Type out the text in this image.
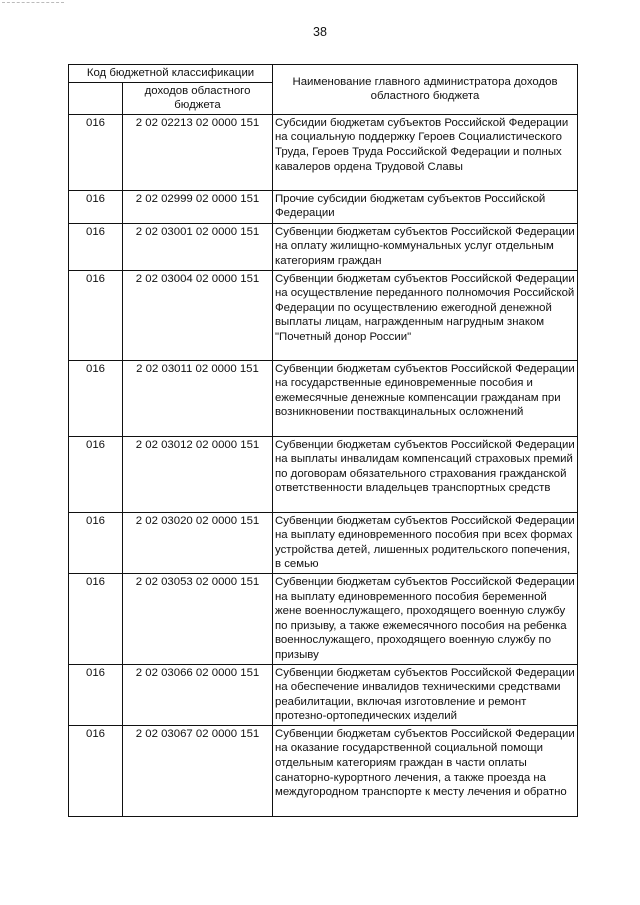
38
Код бюджетной классификации		Наименование главного администратора доходов областного бюджета
	доходов областного бюджета	
016	2 02 02213 02 0000 151	Субсидии бюджетам субъектов Российской Федерации на социальную поддержку Героев Социалистического Труда, Героев Труда Российской Федерации и полных кавалеров ордена Трудовой Славы
016	2 02 02999 02 0000 151	Прочие субсидии бюджетам субъектов Российской Федерации
016	2 02 03001 02 0000 151	Субвенции бюджетам субъектов Российской Федерации на оплату жилищно-коммунальных услуг отдельным категориям граждан
016	2 02 03004 02 0000 151	Субвенции бюджетам субъектов Российской Федерации на осуществление переданного полномочия Российской Федерации по осуществлению ежегодной денежной выплаты лицам, награжденным нагрудным знаком "Почетный донор России"
016	2 02 03011 02 0000 151	Субвенции бюджетам субъектов Российской Федерации на государственные единовременные пособия и ежемесячные денежные компенсации гражданам при возникновении поствакцинальных осложнений
016	2 02 03012 02 0000 151	Субвенции бюджетам субъектов Российской Федерации на выплаты инвалидам компенсаций страховых премий по договорам обязательного страхования гражданской ответственности владельцев транспортных средств
016	2 02 03020 02 0000 151	Субвенции бюджетам субъектов Российской Федерации на выплату единовременного пособия при всех формах устройства детей, лишенных родительского попечения, в семью
016	2 02 03053 02 0000 151	Субвенции бюджетам субъектов Российской Федерации на выплату единовременного пособия беременной жене военнослужащего, проходящего военную службу по призыву, а также ежемесячного пособия на ребенка военнослужащего, проходящего военную службу по призыву
016	2 02 03066 02 0000 151	Субвенции бюджетам субъектов Российской Федерации на обеспечение инвалидов техническими средствами реабилитации, включая изготовление и ремонт протезно-ортопедических изделий
016	2 02 03067 02 0000 151	Субвенции бюджетам субъектов Российской Федерации на оказание государственной социальной помощи отдельным категориям граждан в части оплаты санаторно-курортного лечения, а также проезда на междугородном транспорте к месту лечения и обратно
